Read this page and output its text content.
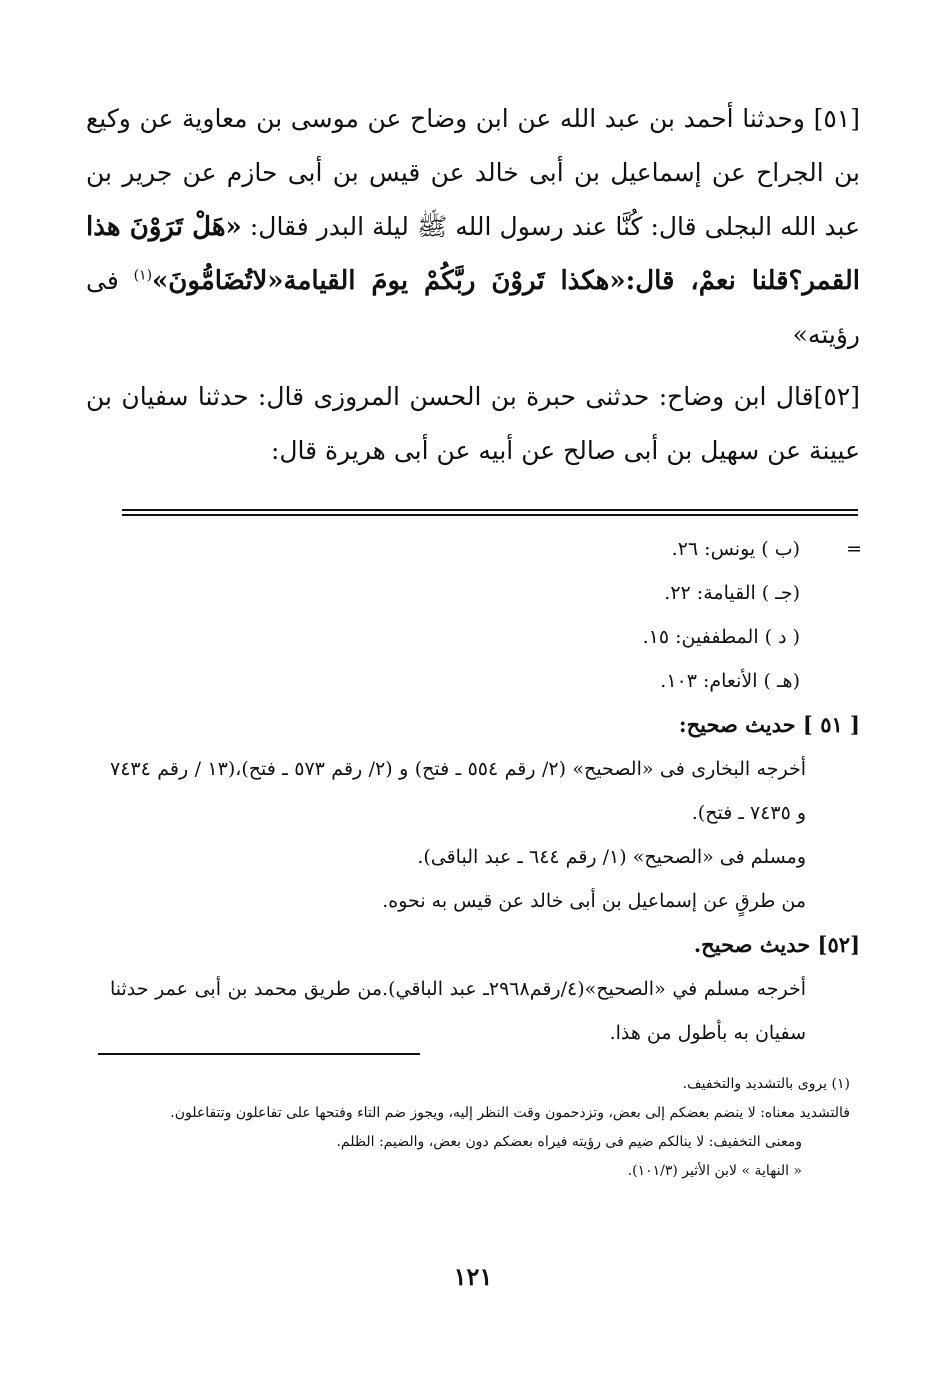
[٥١] وحدثنا أحمد بن عبد الله عن ابن وضاح عن موسى بن معاوية عن وكيع بن الجراح عن إسماعيل بن أبى خالد عن قيس بن أبى حازم عن جرير بن عبد الله البجلى قال: كُنَّا عند رسول الله ﷺ ليلة البدر فقال: «هَلْ تَرَوْنَ هذا القمر؟قلنا نعمْ، قال:«هكذا تَروْنَ ربَّكُمْ يومَ القيامة«لاتُضَامُّونَ»$^{(١)}$ فى رؤيته»

[٥٢]قال ابن وضاح: حدثنى حبرة بن الحسن المروزى قال: حدثنا سفيان بن عيينة عن سهيل بن أبى صالح عن أبيه عن أبى هريرة قال:

=
(ب ) يونس: ٢٦.
(جـ ) القيامة: ٢٢.
( د ) المطففين: ١٥.
(هـ ) الأنعام: ١٠٣.
[ ٥١ ] حديث صحيح:
أخرجه البخارى فى «الصحيح» (٢/ رقم ٥٥٤ ـ فتح) و (٢/ رقم ٥٧٣ ـ فتح)،(١٣ / رقم ٧٤٣٤ و ٧٤٣٥ ـ فتح).
ومسلم فى «الصحيح» (١/ رقم ٦٤٤ ـ عبد الباقى).
من طرقٍ عن إسماعيل بن أبى خالد عن قيس به نحوه.
[٥٢] حديث صحيح.
أخرجه مسلم في «الصحيح»(٤/رقم٢٩٦٨ـ عبد الباقي).من طريق محمد بن أبى عمر حدثنا سفيان به بأطول من هذا.

(١) يروى بالتشديد والتخفيف.

فالتشديد معناه: لا ينضم بعضكم إلى بعض، وتزدحمون وقت النظر إليه، ويجوز ضم التاء وفتحها على تفاعلون وتتفاعلون.

ومعنى التخفيف: لا ينالكم ضيم فى رؤيته فيراه بعضكم دون بعض، والضيم: الظلم.

« النهاية » لابن الأثير (١٠١/٣).

١٢١
